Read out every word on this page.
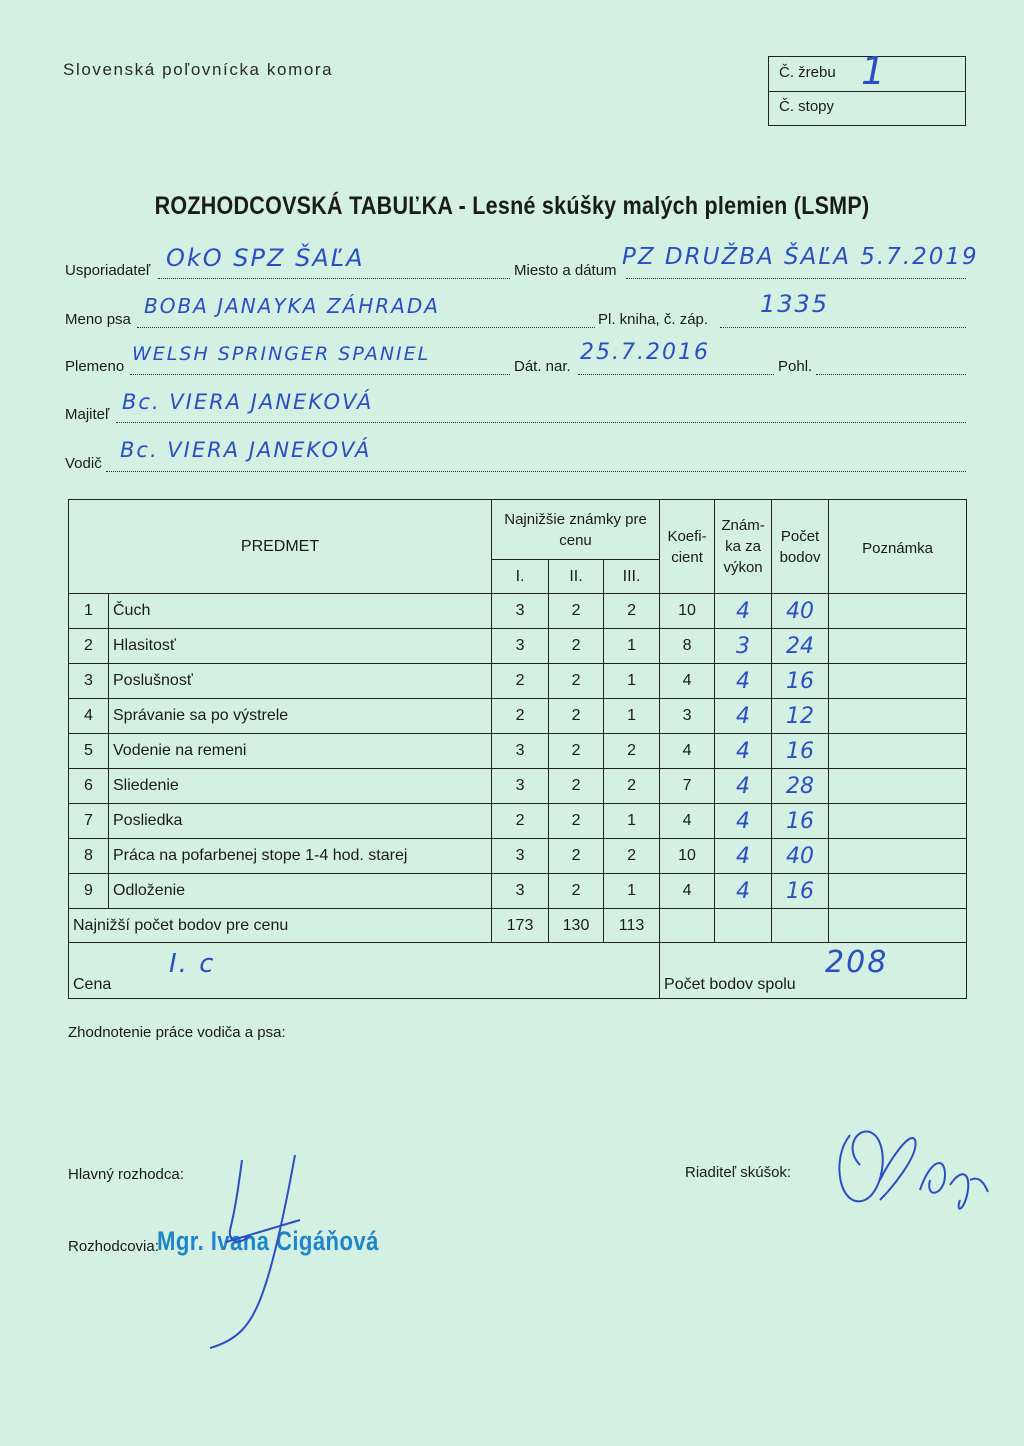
Slovenská poľovnícka komora	Č. žrebu 1
Č. stopy
ROZHODCOVSKÁ TABUĽKA - Lesné skúšky malých plemien (LSMP)
Usporiadateľ OkO SPZ ŠAĽA	Miesto a dátum
PZ DRUŽBA ŠAĽA 5.7.2019
Meno psa
BOBA JANAYKA ZÁHRADA
Pl. kniha, č. záp.
1335
Plemeno
WELSH SPRINGER SPANIEL
Dát. nar.
25.7.2016
Pohl.
Majiteľ
Bc. VIERA JANEKOVÁ
Vodič
Bc. VIERA JANEKOVÁ
PREDMET		Najnižšie známky pre cenu			Koefi-cient	Znám-ka za výkon	Počet bodov	Poznámka
		I.	II.	III.				
1	Čuch	3	2	2	10	4	40	
2	Hlasitosť	3	2	1	8	3	24	
3	Poslušnosť	2	2	1	4	4	16	
4	Správanie sa po výstrele	2	2	1	3	4	12	
5	Vodenie na remeni	3	2	2	4	4	16	
6	Sliedenie	3	2	2	7	4	28	
7	Posliedka	2	2	1	4	4	16	
8	Práca na pofarbenej stope 1-4 hod. starej	3	2	2	10	4	40	
9	Odloženie	3	2	1	4	4	16	
Najnižší počet bodov pre cenu		173	130	113				
Cena
I. c					Počet bodov spolu
208			
Zhodnotenie práce vodiča a psa:
Hlavný rozhodca:	Riaditeľ skúšok:
Rozhodcovia:
Mgr. Ivana Cigáňová
